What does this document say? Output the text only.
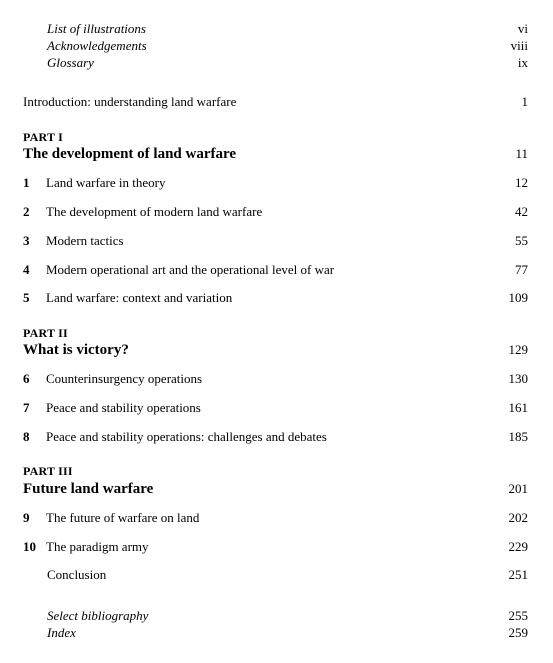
List of illustrations	vi
Acknowledgements	viii
Glossary	ix
Introduction: understanding land warfare	1
PART I
The development of land warfare	11
1 Land warfare in theory	12
2 The development of modern land warfare	42
3 Modern tactics	55
4 Modern operational art and the operational level of war	77
5 Land warfare: context and variation	109
PART II
What is victory?	129
6 Counterinsurgency operations	130
7 Peace and stability operations	161
8 Peace and stability operations: challenges and debates	185
PART III
Future land warfare	201
9 The future of warfare on land	202
10 The paradigm army	229
Conclusion	251
Select bibliography	255
Index	259
